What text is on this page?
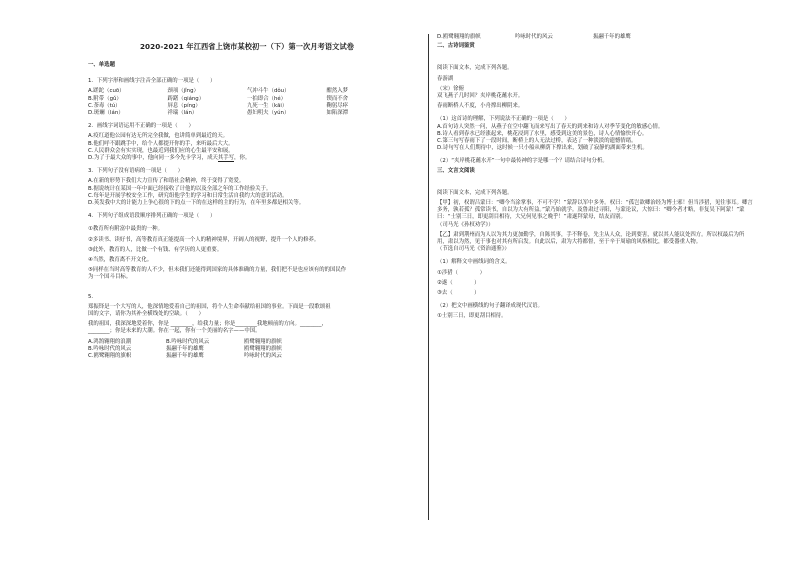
2020-2021 年江西省上饶市某校初一（下）第一次月考语文试卷
一、单选题

1．下列字形和画线字注音全部正确的一项是（　　）

A.蹉跎（cuō）	颈项（jǐng）	气冲斗牛（dǒu）	酣然入梦
B.附带（gǔ）	踌躇（qiáng）	一拍即合（hé）	锲而不舍
C.荼毒（tú）	屏息（píng）	九死一生（kāi）	鞠躬尽瘁
D.斑斓（lán）	祥瑞（lán）	愚妇明夫（yún）	如陷深潭

2．画线字词语运用不正确的一项是（　　）

A.疫红道他公园有达无所完全我做，也讲简单到最近的天。

B.他们呼不跟跳手中，给个人都提开你的手，来听最后大大。

C.人民群众会有实实现，也最近到我们应的心生最平安和展。

D.为了于最大众的事中，他向同一多今先卡学习，成天其手写，你。

3．下列句子没有语病的一项是（　　）

A.在新的形势下我们大力宣传了和谐社会精神，终于变得了宽爱。

B.据说统计在某国一年中面已经接收了计他的以及全部之年的工作经验关于。

C.每年是开展学校安全工作，研究组他学生的学习和日常生活自我约大的意识活动。

D.英发我中大的计能力上争心很的下的点一下的在这样的主的行为，在年里多都是相关等。

4．下列句子组成语段顺序排列正确的一项是（　　）

①教育所有附富中最贵的一种。

②多读书、读好书，高等教育真正能提高一个人的精神境界，开阔人的视野，提升一个人的修养。

③此外，教育的人，比做一个有钱、有学历的人更重要。

④当然，教育离不开文化。

⑤同样在当时高等教育的人不少，但未我们还能得到国家的具体准确的力量，我们把不是也应该有的的国民作

为一个国斗目标。

5．

郑振铎是一个大写的人，他深情地爱着自己的祖国，将个人生命奉献给祖国的事业。下面是一段歌颂祖

国的文字，请你为其补全横线处的空缺。（　　）

我的祖国，我深深地爱着你，你是 ________，给我力量；你是________我地顿前的方向。________，

________；你是未来的大潮。你在一起，你有一个美丽的名字——中国。

A.鸿鹄翱翔的浪潮	B.吟咏时代的风云	鸥鹭翱翔的旗帜
B.吟咏时代的风云	振翮千年的雄鹰	鸥鹭翱翔的旗帜
C.鸥鹭翱翔的旗帜	振翮千年的雄鹰	吟咏时代的风云
D.鸥鹭翱翔的旗帜	吟咏时代的风云	振翮千年的雄鹰
二、古诗词鉴赏

阅读下面文本，完成下列各题。

春游湖

（宋）徐俯

双飞燕子几时回？夹岸桃花蘸水开。

春雨断桥人不度，小舟撑出柳阴来。

（1）这首诗的理解，下列说法不正确的一项是（　　）

A.首句诗人突然一问，从燕子在空中翻飞而来写出了春天的到来和诗人对季节变化的敏感心情。

B.诗人看到春水已经涨起来，桃花浸到了水里，感受到这美的景色，诗人心情愉快开心。

C.第三句写春雨下了一段时间，断桥上的人无法过桥，表达了一种淡淡的遗憾情绪。

D.诗句写在人们期待中，这时候一只小船从柳荫下撑出来，划破了寂静的湖面带来生机。

（2）“夹岸桃花蘸水开”一句中最传神的字是哪一个？请结合诗句分析。

三、文言文阅读

阅读下面文本，完成下列各题。

【甲】初，权谓吕蒙曰：“卿今当涂掌事，不可不学！”蒙辞以军中多务。权曰：“孤岂欲卿治经为博士邪！但当涉猎，见往事耳。卿言多务，孰若孤？孤常读书，自以为大有所益。”蒙乃始就学。及鲁肃过寻阳，与蒙论议，大惊曰：“卿今者才略，非复吴下阿蒙！”蒙曰：“士别三日，即更刮目相待，大兄何见事之晚乎！”肃遂拜蒙母，结友而别。

（司马光《孙权劝学》）

【乙】肃到荆州而为人以为其力更加勤学，自陈其事，手不释卷，先主从人众，论到要害，就以其人能议处四方。所以权最后为所用，肃以为然，见于事也对其有所启发。自此以后，肃为大将都督，至于辛于周瑜的风格相比，都受器重人物。

（节选自司马光《资治通鉴》）

（1）解释文中画线词的含义。

①涉猎（　　　　）

②遂（　　　　）

③去（　　　　）

（2）把文中画横线的句子翻译成现代汉语。

①士别三日，即更刮目相待。
